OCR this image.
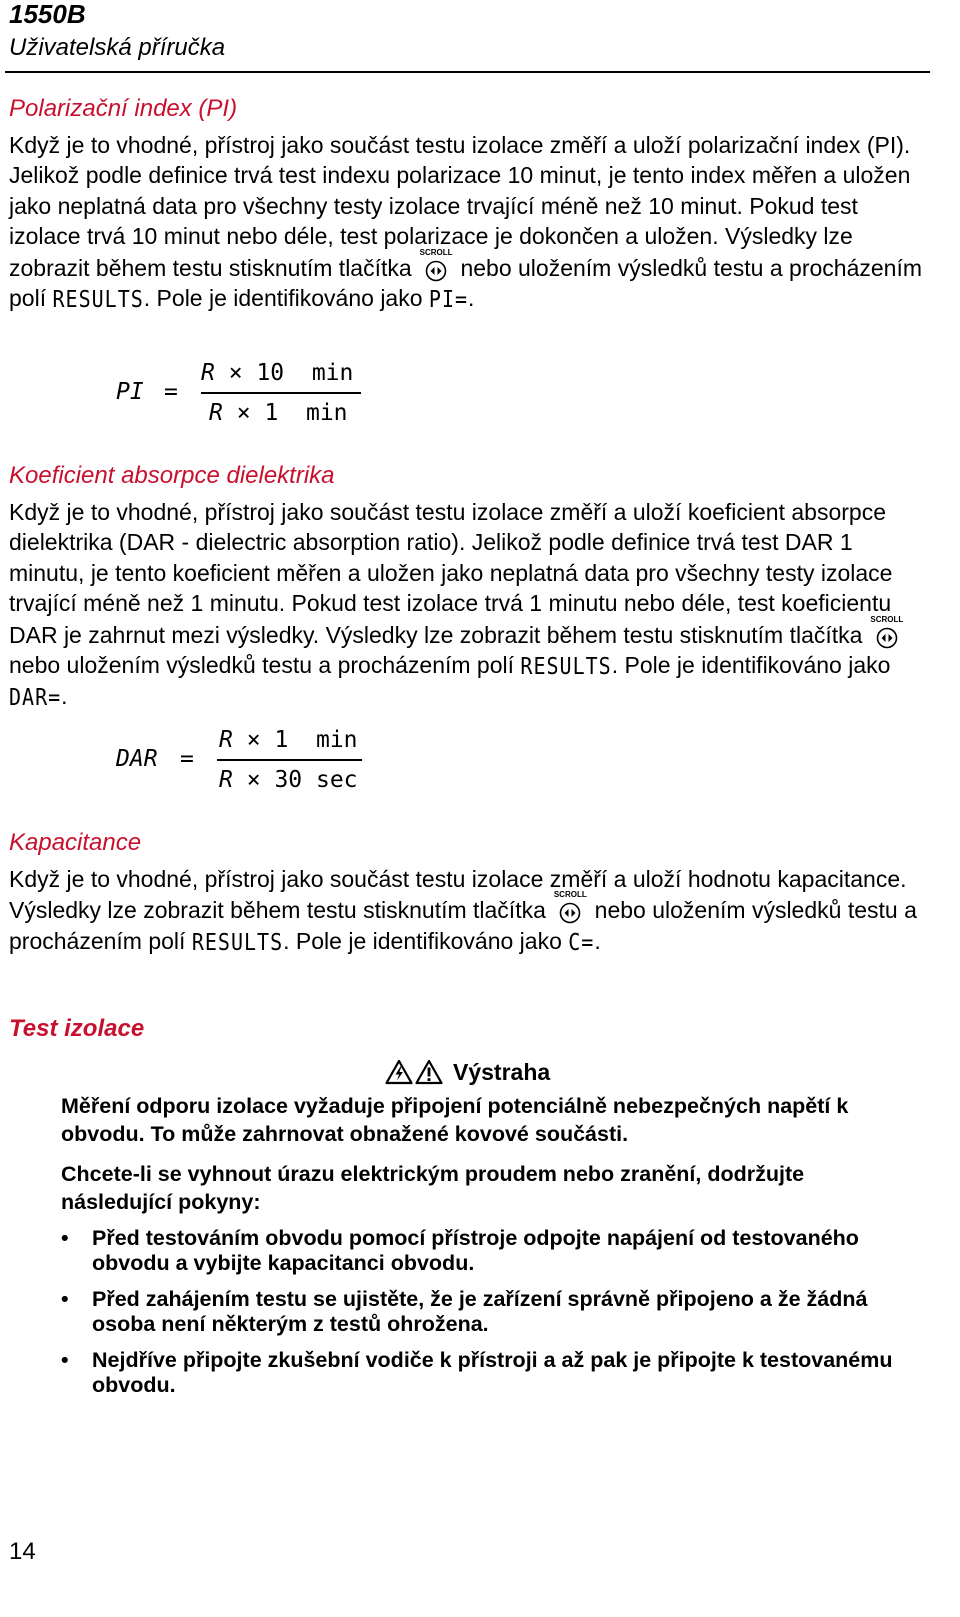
1550B
Uživatelská příručka
Polarizační index (PI)
Když je to vhodné, přístroj jako součást testu izolace změří a uloží polarizační index (PI). Jelikož podle definice trvá test indexu polarizace 10 minut, je tento index měřen a uložen jako neplatná data pro všechny testy izolace trvající méně než 10 minut. Pokud test izolace trvá 10 minut nebo déle, test polarizace je dokončen a uložen. Výsledky lze zobrazit během testu stisknutím tlačítka
SCROLL
nebo uložením výsledků testu a procházením polí RESULTS. Pole je identifikováno jako PI=.
PI =
R × 10  min
R × 1  min
Koeficient absorpce dielektrika
Když je to vhodné, přístroj jako součást testu izolace změří a uloží koeficient absorpce dielektrika (DAR - dielectric absorption ratio). Jelikož podle definice trvá test DAR 1 minutu, je tento koeficient měřen a uložen jako neplatná data pro všechny testy izolace trvající méně než 1 minutu. Pokud test izolace trvá 1 minutu nebo déle, test koeficientu DAR je zahrnut mezi výsledky. Výsledky lze zobrazit během testu stisknutím tlačítka
SCROLL
nebo uložením výsledků testu a procházením polí RESULTS. Pole je identifikováno jako DAR=.
DAR =
R × 1  min
R × 30 sec
Kapacitance
Když je to vhodné, přístroj jako součást testu izolace změří a uloží hodnotu kapacitance. Výsledky lze zobrazit během testu stisknutím tlačítka
SCROLL
nebo uložením výsledků testu a procházením polí RESULTS. Pole je identifikováno jako C=.
Test izolace
Výstraha
Měření odporu izolace vyžaduje připojení potenciálně nebezpečných napětí k obvodu. To může zahrnovat obnažené kovové součásti.
Chcete-li se vyhnout úrazu elektrickým proudem nebo zranění, dodržujte následující pokyny:
• Před testováním obvodu pomocí přístroje odpojte napájení od testovaného obvodu a vybijte kapacitanci obvodu.
• Před zahájením testu se ujistěte, že je zařízení správně připojeno a že žádná osoba není některým z testů ohrožena.
• Nejdříve připojte zkušební vodiče k přístroji a až pak je připojte k testovanému obvodu.
14
